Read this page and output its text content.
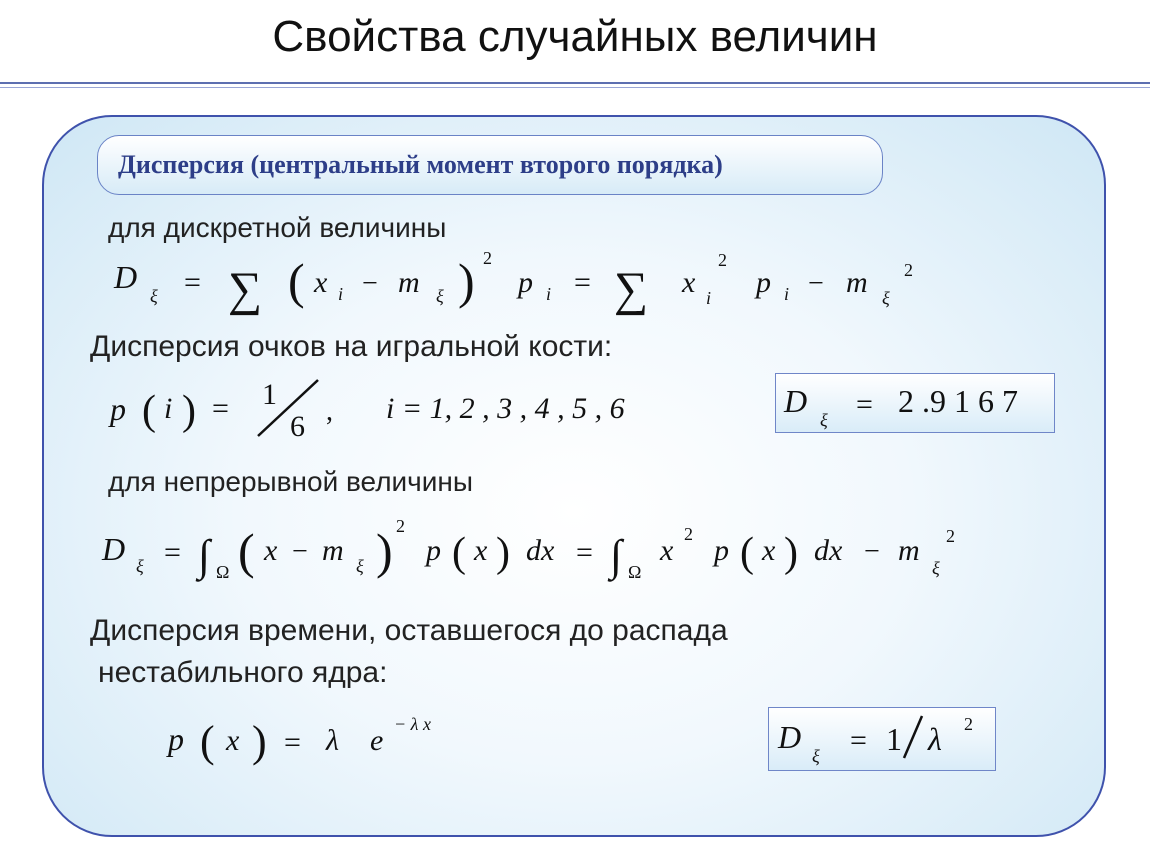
Свойства случайных величин
Дисперсия (центральный момент второго порядка)
для дискретной величины
D
ξ = ∑ ( x i − m ξ ) 2
p i = ∑ x
2
i p i − m ξ
2
Дисперсия очков на игральной кости:
p ( i ) = 1
6 , i = 1, 2 , 3 , 4 , 5 , 6	D
ξ = 2 .9 1 6 7
для непрерывной величины
D ξ = ∫ Ω ( x − m ξ ) 2
p ( x ) dx = ∫ Ω
x 2 p ( x ) dx − m
ξ
2
Дисперсия времени, оставшегося до распада
нестабильного ядра:
p ( x ) = λ e − λ x	D
ξ = 1 λ 2
